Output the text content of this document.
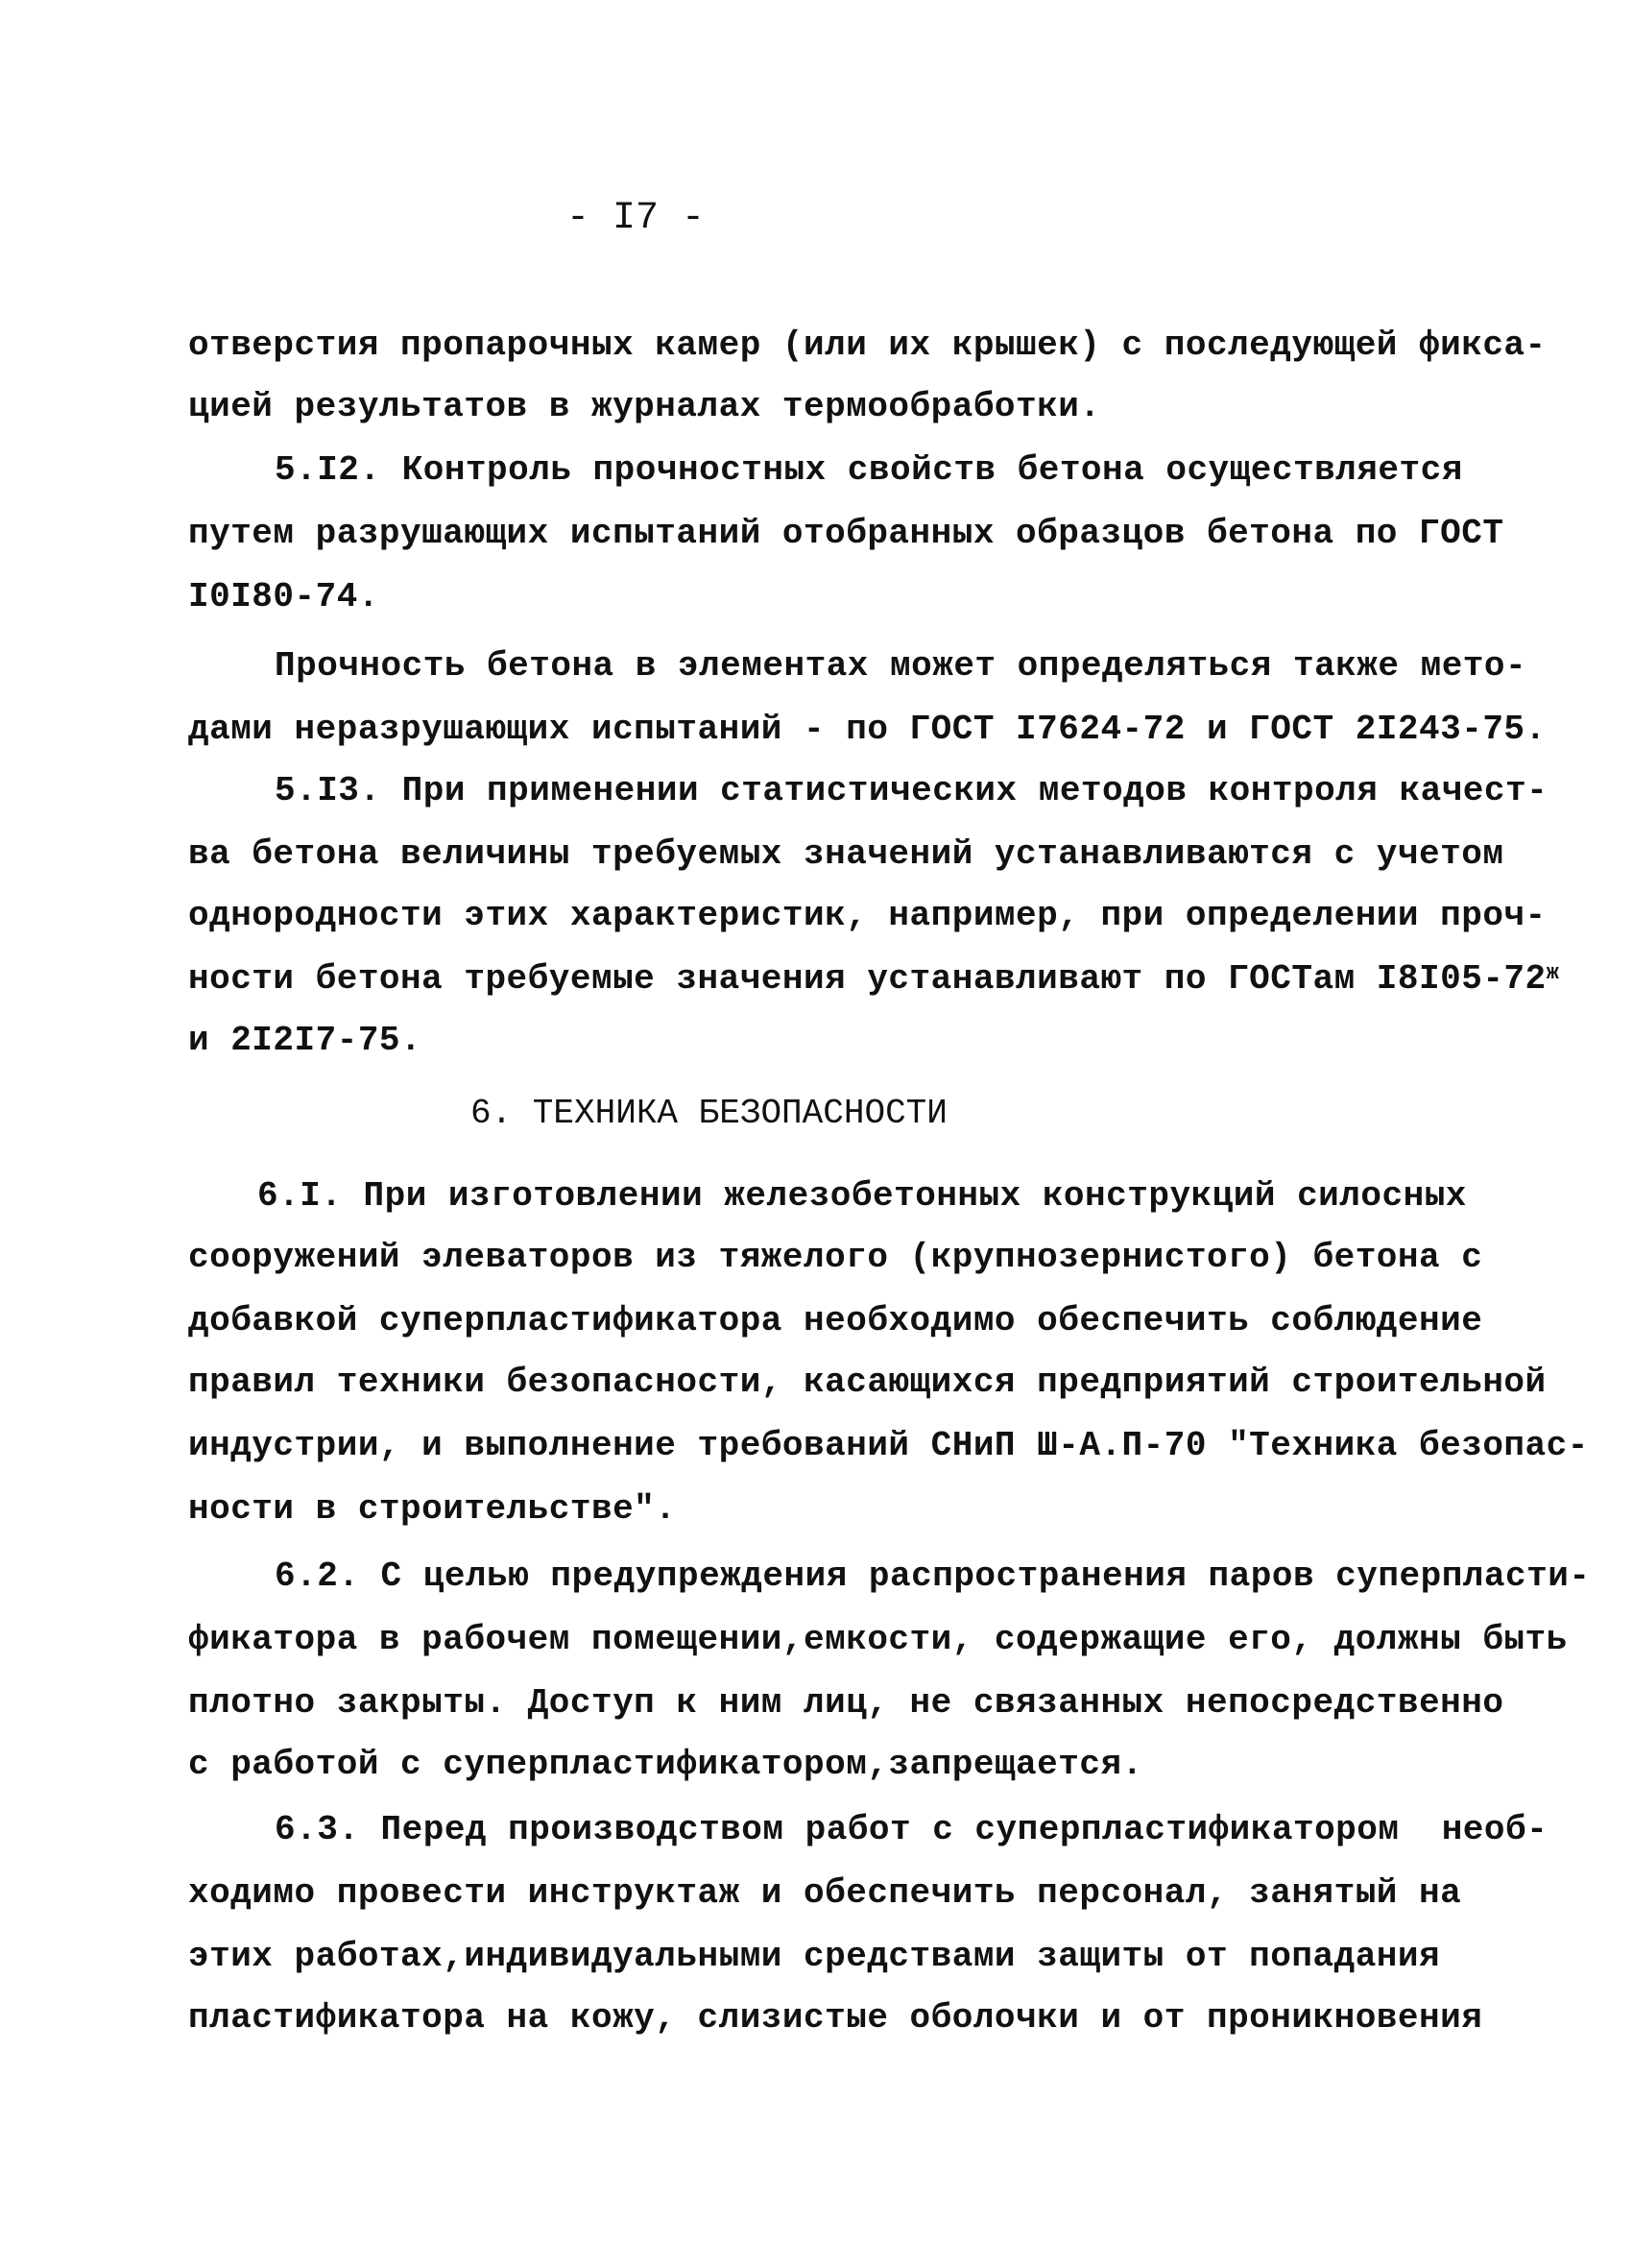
- I7 -
отверстия пропарочных камер (или их крышек) с последующей фикса-
цией результатов в журналах термообработки.
5.I2. Контроль прочностных свойств бетона осуществляется
путем разрушающих испытаний отобранных образцов бетона по ГОСТ
I0I80-74.
Прочность бетона в элементах может определяться также мето-
дами неразрушающих испытаний - по ГОСТ I7624-72 и ГОСТ 2I243-75.
5.I3. При применении статистических методов контроля качест-
ва бетона величины требуемых значений устанавливаются с учетом
однородности этих характеристик, например, при определении проч-
ности бетона требуемые значения устанавливают по ГОСТам $I8I05-72^ж$
и 2I2I7-75.
6. ТЕХНИКА БЕЗОПАСНОСТИ
6.I. При изготовлении железобетонных конструкций силосных
сооружений элеваторов из тяжелого (крупнозернистого) бетона с
добавкой суперпластификатора необходимо обеспечить соблюдение
правил техники безопасности, касающихся предприятий строительной
индустрии, и выполнение требований СНиП Ш-А.П-70 "Техника безопас-
ности в строительстве".
6.2. С целью предупреждения распространения паров суперпласти-
фикатора в рабочем помещении,емкости, содержащие его, должны быть
плотно закрыты. Доступ к ним лиц, не связанных непосредственно
с работой с суперпластификатором,запрещается.
6.3. Перед производством работ с суперпластификатором  необ-
ходимо провести инструктаж и обеспечить персонал, занятый на
этих работах,индивидуальными средствами защиты от попадания
пластификатора на кожу, слизистые оболочки и от проникновения
